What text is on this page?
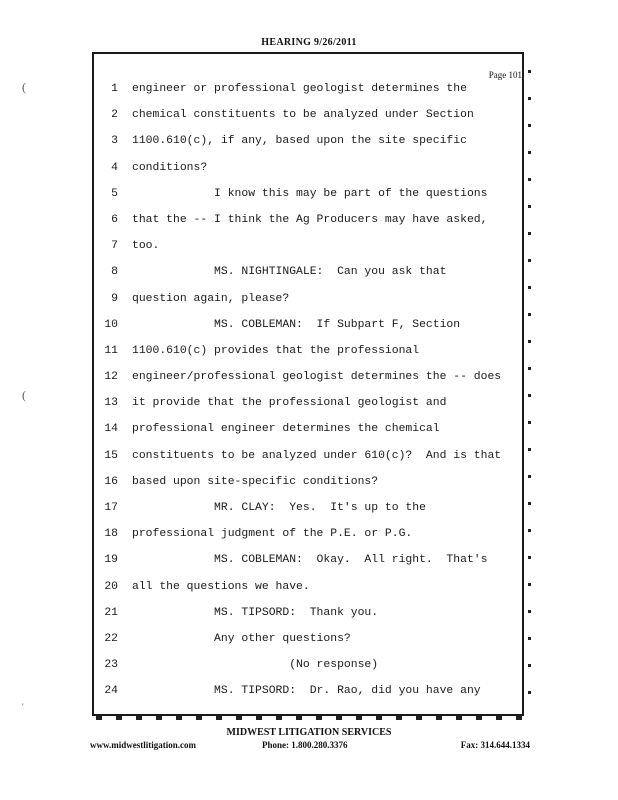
HEARING 9/26/2011
Page 101
(
(
'
1 engineer or professional geologist determines the
2 chemical constituents to be analyzed under Section
3 1100.610(c), if any, based upon the site specific
4 conditions?
5 I know this may be part of the questions
6 that the -- I think the Ag Producers may have asked,
7 too.
8 MS. NIGHTINGALE:  Can you ask that
9 question again, please?
10 MS. COBLEMAN:  If Subpart F, Section
11 1100.610(c) provides that the professional
12 engineer/professional geologist determines the -- does
13 it provide that the professional geologist and
14 professional engineer determines the chemical
15 constituents to be analyzed under 610(c)?  And is that
16 based upon site-specific conditions?
17 MR. CLAY:  Yes.  It's up to the
18 professional judgment of the P.E. or P.G.
19 MS. COBLEMAN:  Okay.  All right.  That's
20 all the questions we have.
21 MS. TIPSORD:  Thank you.
22 Any other questions?
23 (No response)
24 MS. TIPSORD:  Dr. Rao, did you have any
MIDWEST LITIGATION SERVICES
www.midwestlitigation.com	Phone: 1.800.280.3376	Fax: 314.644.1334
